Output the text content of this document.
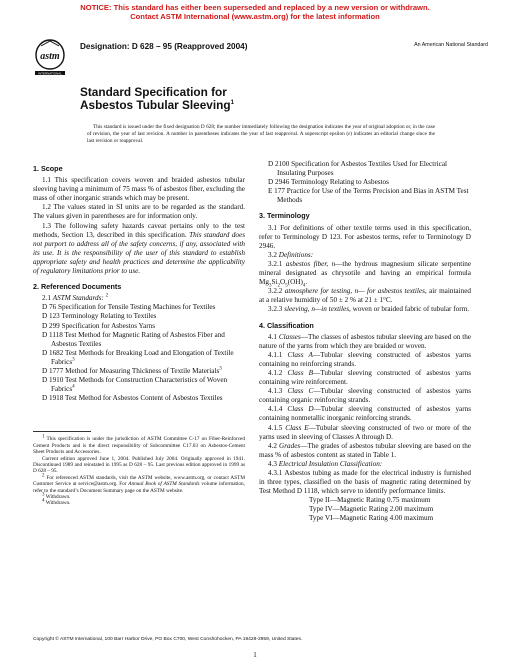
NOTICE: This standard has either been superseded and replaced by a new version or withdrawn.
Contact ASTM International (www.astm.org) for the latest information
astm
INTERNATIONAL
Designation: D 628 – 95 (Reapproved 2004)	An American National Standard
Standard Specification for
Asbestos Tubular Sleeving$^1$
This standard is issued under the fixed designation D 628; the number immediately following the designation indicates the year of original adoption or, in the case of revision, the year of last revision. A number in parentheses indicates the year of last reapproval. A superscript epsilon (ε) indicates an editorial change since the last revision or reapproval.
1. Scope

1.1 This specification covers woven and braided asbestos tubular sleeving having a minimum of 75 mass % of asbestos fiber, excluding the mass of other inorganic strands which may be present.

1.2 The values stated in SI units are to be regarded as the standard. The values given in parentheses are for information only.

1.3 The following safety hazards caveat pertains only to the test methods, Section 13, described in this specification. This standard does not purport to address all of the safety concerns, if any, associated with its use. It is the responsibility of the user of this standard to establish appropriate safety and health practices and determine the applicability of regulatory limitations prior to use.

2. Referenced Documents

2.1 ASTM Standards: $^2$

D 76 Specification for Tensile Testing Machines for Textiles
D 123 Terminology Relating to Textiles
D 299 Specification for Asbestos Yarns
D 1118 Test Method for Magnetic Rating of Asbestos Fiber and Asbestos Textiles
D 1682 Test Methods for Breaking Load and Elongation of Textile Fabrics$^3$
D 1777 Method for Measuring Thickness of Textile Materials$^3$
D 1910 Test Methods for Construction Characteristics of Woven Fabrics$^4$
D 1918 Test Method for Asbestos Content of Asbestos Textiles

$^1$ This specification is under the jurisdiction of ASTM Committee C-17 on Fiber-Reinforced Cement Products and is the direct responsibility of Subcommittee C17.03 on Asbestos-Cement Sheet Products and Accessories.

Current edition approved June 1, 2004. Published July 2004. Originally approved in 1941. Discontinued 1989 and reinstated in 1995 as D 628 – 95. Last previous edition approved in 1999 as D 628 – 95.

$^2$ For referenced ASTM standards, visit the ASTM website, www.astm.org, or contact ASTM Customer Service at service@astm.org. For Annual Book of ASTM Standards volume information, refer to the standard’s Document Summary page on the ASTM website.

$^3$ Withdrawn.

$^4$ Withdrawn.

D 2100 Specification for Asbestos Textiles Used for Electrical Insulating Purposes
D 2946 Terminology Relating to Asbestos
E 177 Practice for Use of the Terms Precision and Bias in ASTM Test Methods
3. Terminology

3.1 For definitions of other textile terms used in this specification, refer to Terminology D 123. For asbestos terms, refer to Terminology D 2946.

3.2 Definitions:

3.2.1 asbestos fiber, n—the hydrous magnesium silicate serpentine mineral designated as chrysotile and having an empirical formula $Mg_3Si_2O_5(OH)_4$.

3.2.2 atmosphere for testing, n— for asbestos textiles, air maintained at a relative humidity of 50 ± 2 % at 21 ± 1°C.

3.2.3 sleeving, n—in textiles, woven or braided fabric of tubular form.

4. Classification

4.1 Classes—The classes of asbestos tubular sleeving are based on the nature of the yarns from which they are braided or woven.

4.1.1 Class A—Tubular sleeving constructed of asbestos yarns containing no reinforcing strands.

4.1.2 Class B—Tubular sleeving constructed of asbestos yarns containing wire reinforcement.

4.1.3 Class C—Tubular sleeving constructed of asbestos yarns containing organic reinforcing strands.

4.1.4 Class D—Tubular sleeving constructed of asbestos yarns containing nonmetallic inorganic reinforcing strands.

4.1.5 Class E—Tubular sleeving constructed of two or more of the yarns used in sleeving of Classes A through D.

4.2 Grades—The grades of asbestos tubular sleeving are based on the mass % of asbestos content as stated in Table 1.

4.3 Electrical Insulation Classification:

4.3.1 Asbestos tubing as made for the electrical industry is furnished in three types, classified on the basis of magnetic rating determined by Test Method D 1118, which serve to identify performance limits.

Type II—Magnetic Rating 0.75 maximum
Type IV—Magnetic Rating 2.00 maximum
Type VI—Magnetic Rating 4.00 maximum
Copyright © ASTM International, 100 Barr Harbor Drive, PO Box C700, West Conshohocken, PA 19428-2959, United States.
1
